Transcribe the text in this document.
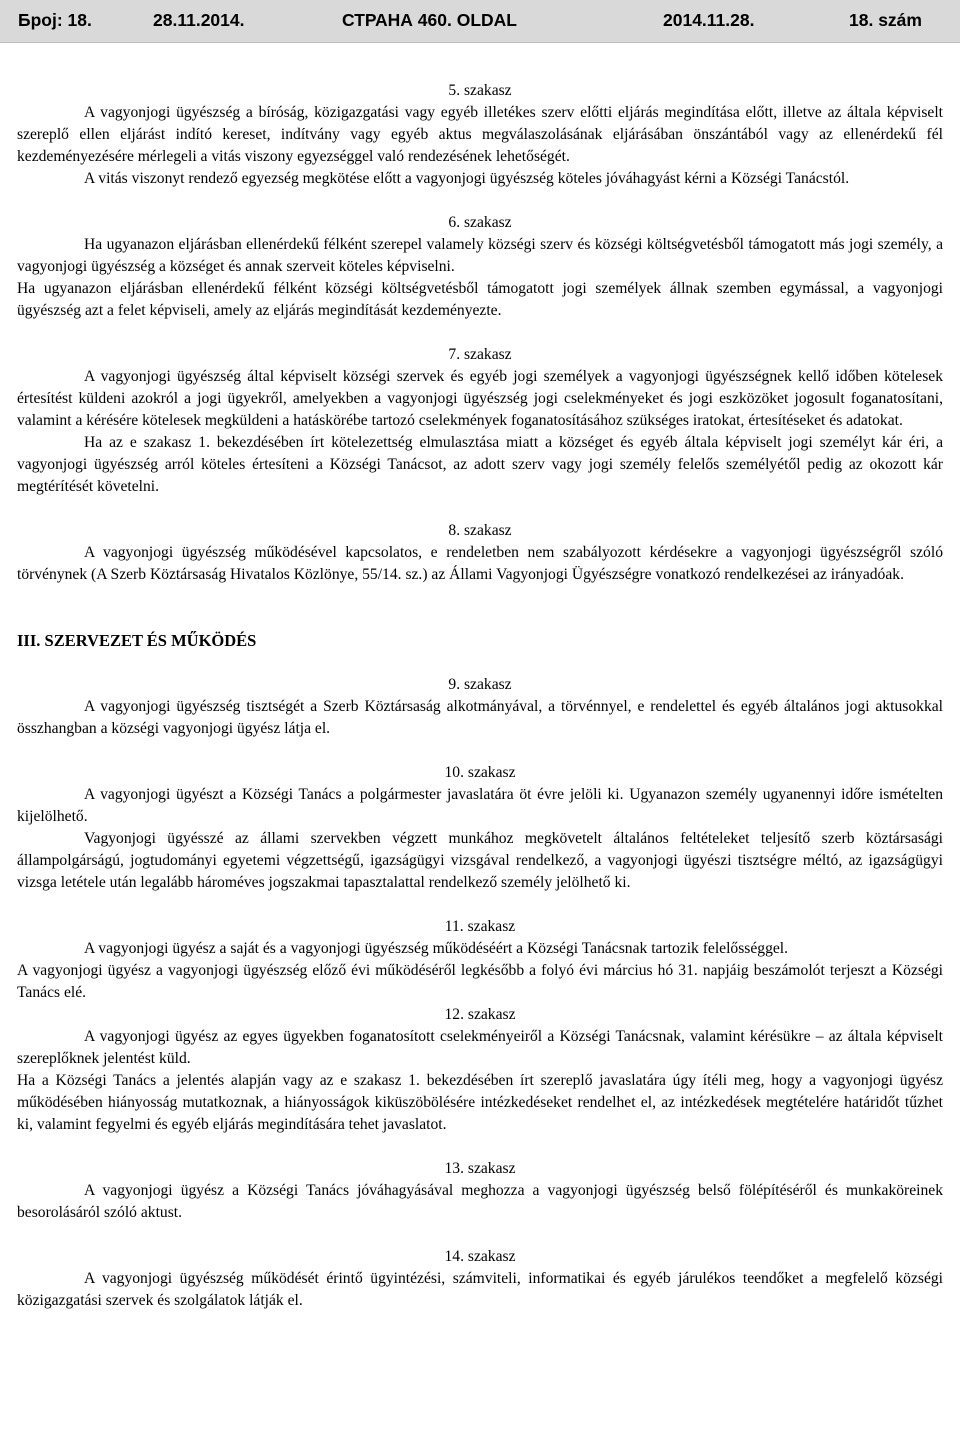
Број: 18.	28.11.2014.	СТРАНА 460. OLDAL	2014.11.28.	18. szám

5. szakasz

A vagyonjogi ügyészség a bíróság, közigazgatási vagy egyéb illetékes szerv előtti eljárás megindítása előtt, illetve az általa képviselt szereplő ellen eljárást indító kereset, indítvány vagy egyéb aktus megválaszolásának eljárásában önszántából vagy az ellenérdekű fél kezdeményezésére mérlegeli a vitás viszony egyezséggel való rendezésének lehetőségét.

A vitás viszonyt rendező egyezség megkötése előtt a vagyonjogi ügyészség köteles jóváhagyást kérni a Községi Tanácstól.

6. szakasz

Ha ugyanazon eljárásban ellenérdekű félként szerepel valamely községi szerv és községi költségvetésből támogatott más jogi személy, a vagyonjogi ügyészség a községet és annak szerveit köteles képviselni.

Ha ugyanazon eljárásban ellenérdekű félként községi költségvetésből támogatott jogi személyek állnak szemben egymással, a vagyonjogi ügyészség azt a felet képviseli, amely az eljárás megindítását kezdeményezte.

7. szakasz

A vagyonjogi ügyészség által képviselt községi szervek és egyéb jogi személyek a vagyonjogi ügyészségnek kellő időben kötelesek értesítést küldeni azokról a jogi ügyekről, amelyekben a vagyonjogi ügyészség jogi cselekményeket és jogi eszközöket jogosult foganatosítani, valamint a kérésére kötelesek megküldeni a hatáskörébe tartozó cselekmények foganatosításához szükséges iratokat, értesítéseket és adatokat.

Ha az e szakasz 1. bekezdésében írt kötelezettség elmulasztása miatt a községet és egyéb általa képviselt jogi személyt kár éri, a vagyonjogi ügyészség arról köteles értesíteni a Községi Tanácsot, az adott szerv vagy jogi személy felelős személyétől pedig az okozott kár megtérítését követelni.

8. szakasz

A vagyonjogi ügyészség működésével kapcsolatos, e rendeletben nem szabályozott kérdésekre a vagyonjogi ügyészségről szóló törvénynek (A Szerb Köztársaság Hivatalos Közlönye, 55/14. sz.) az Állami Vagyonjogi Ügyészségre vonatkozó rendelkezései az irányadóak.

III. SZERVEZET ÉS MŰKÖDÉS

9. szakasz

A vagyonjogi ügyészség tisztségét a Szerb Köztársaság alkotmányával, a törvénnyel, e rendelettel és egyéb általános jogi aktusokkal összhangban a községi vagyonjogi ügyész látja el.

10. szakasz

A vagyonjogi ügyészt a Községi Tanács a polgármester javaslatára öt évre jelöli ki. Ugyanazon személy ugyanennyi időre ismételten kijelölhető.

Vagyonjogi ügyésszé az állami szervekben végzett munkához megkövetelt általános feltételeket teljesítő szerb köztársasági állampolgárságú, jogtudományi egyetemi végzettségű, igazságügyi vizsgával rendelkező, a vagyonjogi ügyészi tisztségre méltó, az igazságügyi vizsga letétele után legalább hároméves jogszakmai tapasztalattal rendelkező személy jelölhető ki.

11. szakasz

A vagyonjogi ügyész a saját és a vagyonjogi ügyészség működéséért a Községi Tanácsnak tartozik felelősséggel.

A vagyonjogi ügyész a vagyonjogi ügyészség előző évi működéséről legkésőbb a folyó évi március hó 31. napjáig beszámolót terjeszt a Községi Tanács elé.

12. szakasz

A vagyonjogi ügyész az egyes ügyekben foganatosított cselekményeiről a Községi Tanácsnak, valamint kérésükre – az általa képviselt szereplőknek jelentést küld.

Ha a Községi Tanács a jelentés alapján vagy az e szakasz 1. bekezdésében írt szereplő javaslatára úgy ítéli meg, hogy a vagyonjogi ügyész működésében hiányosság mutatkoznak, a hiányosságok kiküszöbölésére intézkedéseket rendelhet el, az intézkedések megtételére határidőt tűzhet ki, valamint fegyelmi és egyéb eljárás megindítására tehet javaslatot.

13. szakasz

A vagyonjogi ügyész a Községi Tanács jóváhagyásával meghozza a vagyonjogi ügyészség belső fölépítéséről és munkaköreinek besorolásáról szóló aktust.

14. szakasz

A vagyonjogi ügyészség működését érintő ügyintézési, számviteli, informatikai és egyéb járulékos teendőket a megfelelő községi közigazgatási szervek és szolgálatok látják el.
